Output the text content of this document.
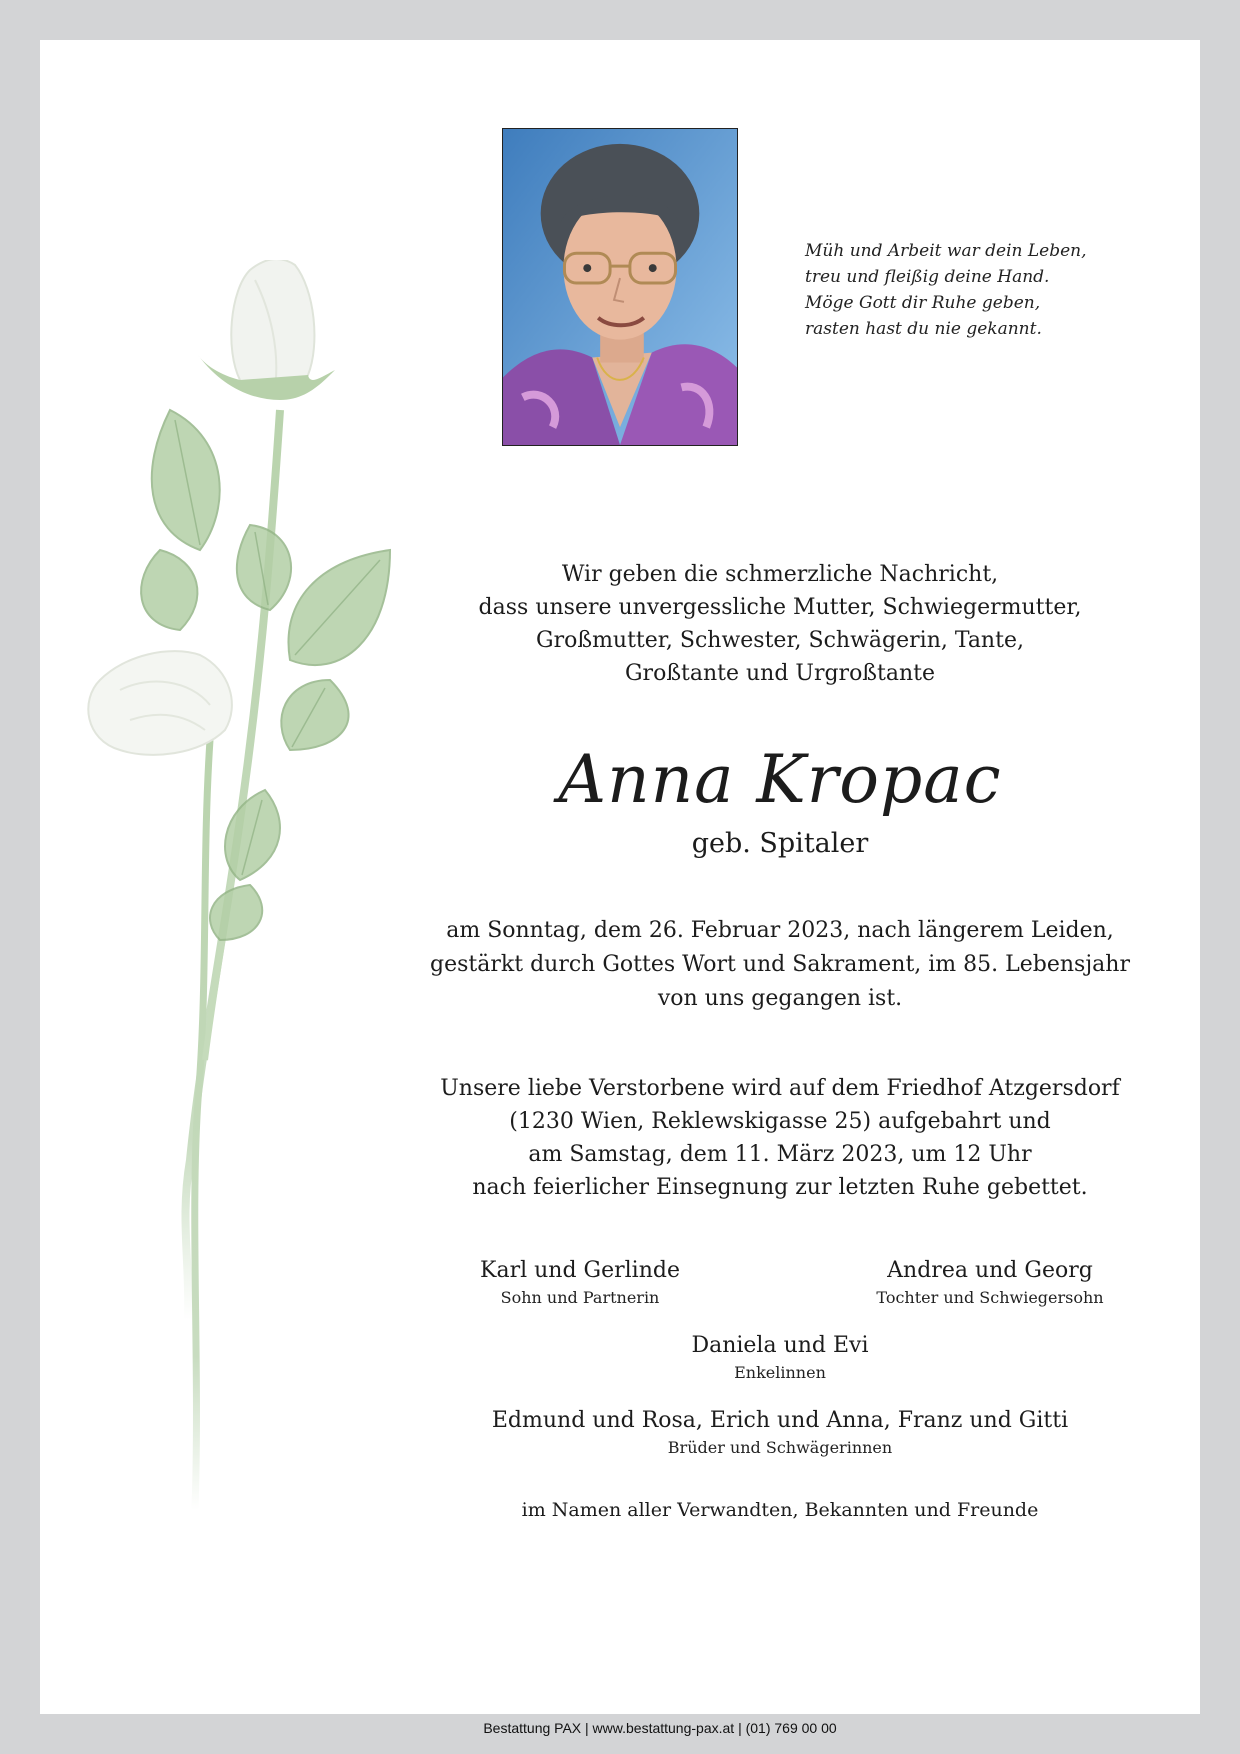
Müh und Arbeit war dein Leben,
treu und fleißig deine Hand.
Möge Gott dir Ruhe geben,
rasten hast du nie gekannt.
Wir geben die schmerzliche Nachricht,
dass unsere unvergessliche Mutter, Schwiegermutter,
Großmutter, Schwester, Schwägerin, Tante,
Großtante und Urgroßtante
Anna Kropac
geb. Spitaler
am Sonntag, dem 26. Februar 2023, nach längerem Leiden,
gestärkt durch Gottes Wort und Sakrament, im 85. Lebensjahr
von uns gegangen ist.
Unsere liebe Verstorbene wird auf dem Friedhof Atzgersdorf
(1230 Wien, Reklewskigasse 25) aufgebahrt und
am Samstag, dem 11. März 2023, um 12 Uhr
nach feierlicher Einsegnung zur letzten Ruhe gebettet.
Karl und Gerlinde
Sohn und Partnerin
Andrea und Georg
Tochter und Schwiegersohn
Daniela und Evi
Enkelinnen
Edmund und Rosa, Erich und Anna, Franz und Gitti
Brüder und Schwägerinnen
im Namen aller Verwandten, Bekannten und Freunde
Bestattung PAX | www.bestattung-pax.at | (01) 769 00 00
